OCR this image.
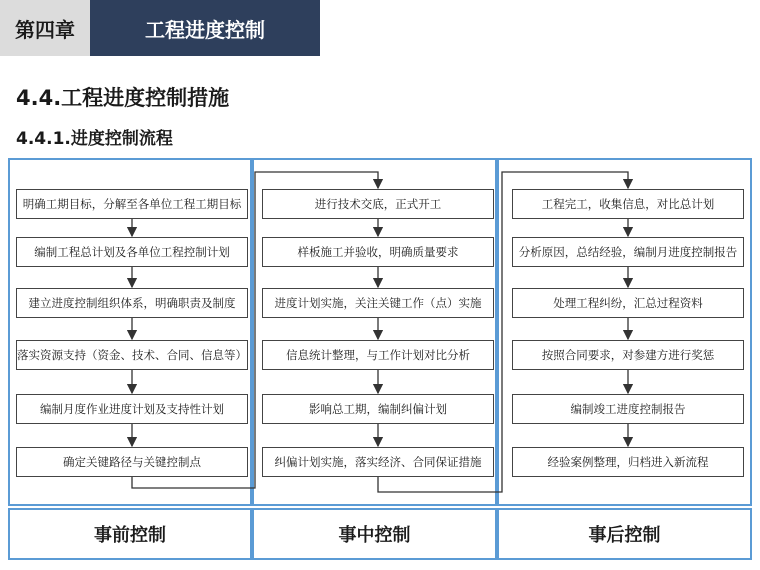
第四章	工程进度控制
4.4.工程进度控制措施
4.4.1.进度控制流程
明确工期目标，分解至各单位工程工期目标
编制工程总计划及各单位工程控制计划
建立进度控制组织体系，明确职责及制度
落实资源支持（资金、技术、合同、信息等）
编制月度作业进度计划及支持性计划
确定关键路径与关键控制点
进行技术交底，正式开工
样板施工并验收，明确质量要求
进度计划实施，关注关键工作（点）实施
信息统计整理，与工作计划对比分析
影响总工期，编制纠偏计划
纠偏计划实施，落实经济、合同保证措施
工程完工，收集信息，对比总计划
分析原因，总结经验，编制月进度控制报告
处理工程纠纷，汇总过程资料
按照合同要求，对参建方进行奖惩
编制竣工进度控制报告
经验案例整理，归档进入新流程
事前控制	事中控制	事后控制
